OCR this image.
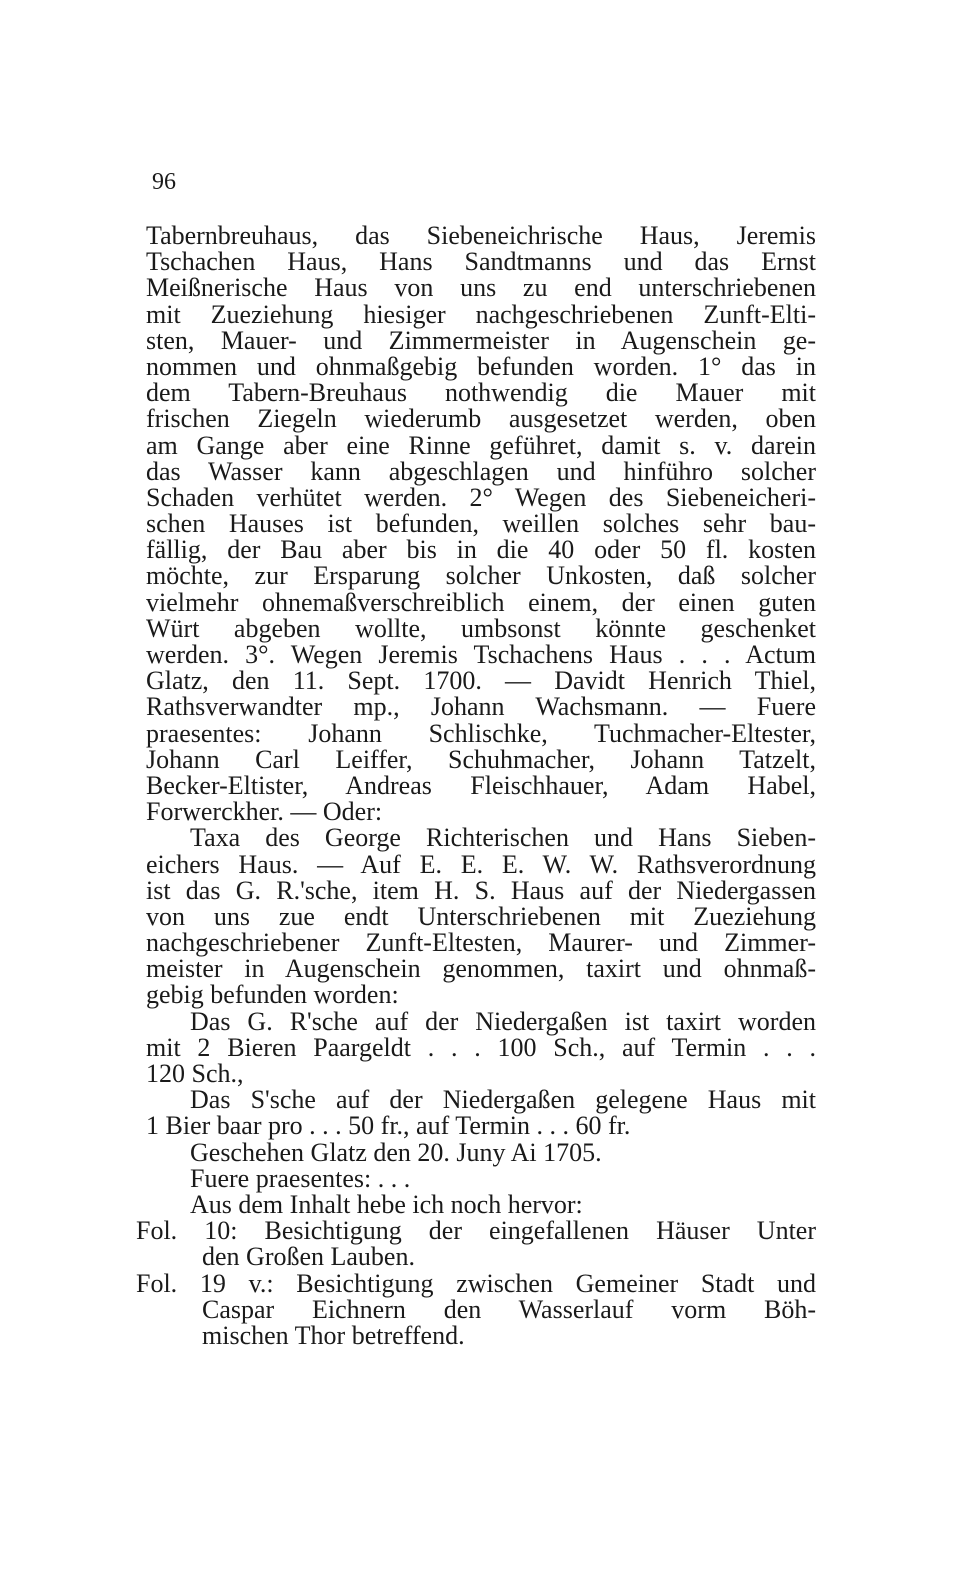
96
Tabernbreuhaus, das Siebeneichrische Haus, Jeremis
Tschachen Haus, Hans Sandtmanns und das Ernst
Meißnerische Haus von uns zu end unterschriebenen
mit Zueziehung hiesiger nachgeschriebenen Zunft-Elti-
sten, Mauer- und Zimmermeister in Augenschein ge-
nommen und ohnmaßgebig befunden worden. 1° das in
dem Tabern-Breuhaus nothwendig die Mauer mit
frischen Ziegeln wiederumb ausgesetzet werden, oben
am Gange aber eine Rinne geführet, damit s. v. darein
das Wasser kann abgeschlagen und hinführo solcher
Schaden verhütet werden. 2° Wegen des Siebeneicheri-
schen Hauses ist befunden, weillen solches sehr bau-
fällig, der Bau aber bis in die 40 oder 50 fl. kosten
möchte, zur Ersparung solcher Unkosten, daß solcher
vielmehr ohnemaßverschreiblich einem, der einen guten
Würt abgeben wollte, umbsonst könnte geschenket
werden. 3°. Wegen Jeremis Tschachens Haus . . . Actum
Glatz, den 11. Sept. 1700. — Davidt Henrich Thiel,
Rathsverwandter mp., Johann Wachsmann. — Fuere
praesentes: Johann Schlischke, Tuchmacher-Eltester,
Johann Carl Leiffer, Schuhmacher, Johann Tatzelt,
Becker-Eltister, Andreas Fleischhauer, Adam Habel,
Forwerckher. — Oder:
Taxa des George Richterischen und Hans Sieben-
eichers Haus. — Auf E. E. E. W. W. Rathsverordnung
ist das G. R.'sche, item H. S. Haus auf der Niedergassen
von uns zue endt Unterschriebenen mit Zueziehung
nachgeschriebener Zunft-Eltesten, Maurer- und Zimmer-
meister in Augenschein genommen, taxirt und ohnmaß-
gebig befunden worden:
Das G. R'sche auf der Niedergaßen ist taxirt worden
mit 2 Bieren Paargeldt . . . 100 Sch., auf Termin . . .
120 Sch.,
Das S'sche auf der Niedergaßen gelegene Haus mit
1 Bier baar pro . . . 50 fr., auf Termin . . . 60 fr.
Geschehen Glatz den 20. Juny Ai 1705.
Fuere praesentes: . . .
Aus dem Inhalt hebe ich noch hervor:
Fol. 10: Besichtigung der eingefallenen Häuser Unter
den Großen Lauben.
Fol. 19 v.: Besichtigung zwischen Gemeiner Stadt und
Caspar Eichnern den Wasserlauf vorm Böh-
mischen Thor betreffend.
